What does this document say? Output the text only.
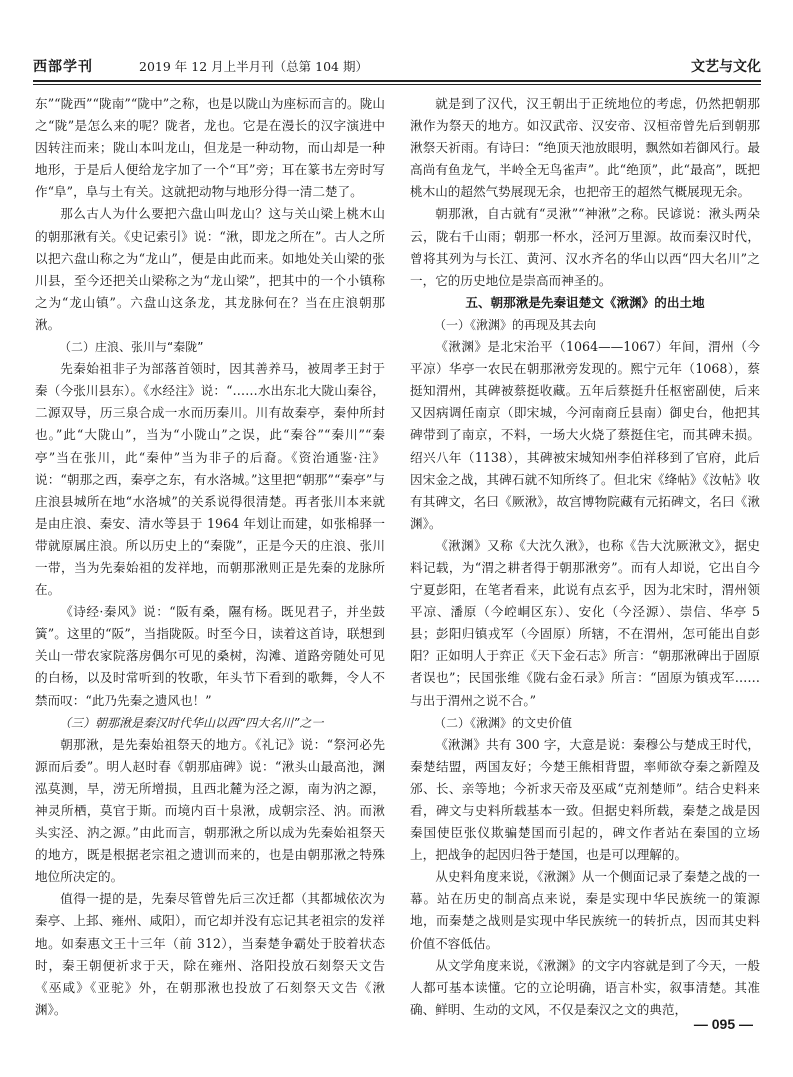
西部学刊	2019 年 12 月上半月刊（总第 104 期）	文艺与文化

东”“陇西”“陇南”“陇中”之称，也是以陇山为座标而言的。陇山之“陇”是怎么来的呢？陇者，龙也。它是在漫长的汉字演进中因转注而来；陇山本叫龙山，但龙是一种动物，而山却是一种地形，于是后人便给龙字加了一个“耳”旁；耳在篆书左旁时写作“阜”，阜与土有关。这就把动物与地形分得一清二楚了。

那么古人为什么要把六盘山叫龙山？这与关山梁上桃木山的朝那湫有关。《史记索引》说：“湫，即龙之所在”。古人之所以把六盘山称之为“龙山”，便是由此而来。如地处关山梁的张川县，至今还把关山梁称之为“龙山梁”，把其中的一个小镇称之为“龙山镇”。六盘山这条龙，其龙脉何在？当在庄浪朝那湫。

（二）庄浪、张川与“秦陇”

先秦始祖非子为部落首领时，因其善养马，被周孝王封于秦（今张川县东）。《水经注》说：“……水出东北大陇山秦谷，二源双导，历三泉合成一水而历秦川。川有故秦亭，秦仲所封也。”此“大陇山”，当为“小陇山”之误，此“秦谷”“秦川”“秦亭”当在张川，此“秦仲”当为非子的后裔。《资治通鉴·注》说：“朝那之西，秦亭之东，有水洛城。”这里把“朝那”“秦亭”与庄浪县城所在地“水洛城”的关系说得很清楚。再者张川本来就是由庄浪、秦安、清水等县于 1964 年划让而建，如张棉驿一带就原属庄浪。所以历史上的“秦陇”，正是今天的庄浪、张川一带，当为先秦始祖的发祥地，而朝那湫则正是先秦的龙脉所在。

《诗经·秦风》说：“阪有桑，隰有杨。既见君子，并坐鼓簧”。这里的“阪”，当指陇阪。时至今日，读着这首诗，联想到关山一带农家院落房偶尔可见的桑树，沟滩、道路旁随处可见的白杨，以及时常听到的牧歌，年头节下看到的歌舞，令人不禁而叹：“此乃先秦之遗风也！”

（三）朝那湫是秦汉时代华山以西“四大名川”之一

朝那湫，是先秦始祖祭天的地方。《礼记》说：“祭河必先源而后委”。明人赵时春《朝那庙碑》说：“湫头山最高池，渊泓莫测，旱，涝无所增损，且西北麓为泾之源，南为汭之源，神灵所栖，莫官于斯。而境内百十泉湫，成朝宗泾、汭。而湫头实泾、汭之源。”由此而言，朝那湫之所以成为先秦始祖祭天的地方，既是根据老宗祖之遗训而来的，也是由朝那湫之特殊地位所决定的。

值得一提的是，先秦尽管曾先后三次迁都（其都城依次为秦亭、上邽、雍州、咸阳），而它却并没有忘记其老祖宗的发祥地。如秦惠文王十三年（前 312），当秦楚争霸处于胶着状态时，秦王朝便祈求于天，除在雍州、洛阳投放石刻祭天文告《巫咸》《亚驼》外，在朝那湫也投放了石刻祭天文告《湫渊》。

就是到了汉代，汉王朝出于正统地位的考虑，仍然把朝那湫作为祭天的地方。如汉武帝、汉安帝、汉桓帝曾先后到朝那湫祭天祈雨。有诗曰：“绝顶天池放眼明，飘然如若御风行。最高尚有鱼龙气，半岭全无鸟雀声”。此“绝顶”，此“最高”，既把桃木山的超然气势展现无余，也把帝王的超然气概展现无余。

朝那湫，自古就有“灵湫”“神湫”之称。民谚说：湫头两朵云，陇右千山雨；朝那一杯水，泾河万里源。故而秦汉时代，曾将其列为与长江、黄河、汉水齐名的华山以西“四大名川”之一，它的历史地位是崇高而神圣的。

五、朝那湫是先秦诅楚文《湫渊》的出土地
（一）《湫渊》的再现及其去向

《湫渊》是北宋治平（1064——1067）年间，渭州（今平凉）华亭一农民在朝那湫旁发现的。熙宁元年（1068），蔡挺知渭州，其碑被蔡挺收藏。五年后蔡挺升任枢密副使，后来又因病调任南京（即宋城，今河南商丘县南）御史台，他把其碑带到了南京，不料，一场大火烧了蔡挺住宅，而其碑未损。绍兴八年（1138），其碑被宋城知州李伯祥移到了官府，此后因宋金之战，其碑石就不知所终了。但北宋《绛帖》《汝帖》收有其碑文，名曰《厥湫》，故宫博物院藏有元拓碑文，名曰《湫渊》。

《湫渊》又称《大沈久湫》，也称《告大沈厥湫文》，据史料记载，为“渭之耕者得于朝那湫旁”。而有人却说，它出自今宁夏彭阳，在笔者看来，此说有点玄乎，因为北宋时，渭州领平凉、潘原（今崆峒区东）、安化（今泾源）、崇信、华亭 5 县；彭阳归镇戎军（今固原）所辖，不在渭州，怎可能出自彭阳？正如明人于弈正《天下金石志》所言：“朝那湫碑出于固原者误也”；民国张维《陇右金石录》所言：“固原为镇戎军……与出于渭州之说不合。”

（二）《湫渊》的文史价值

《湫渊》共有 300 字，大意是说：秦穆公与楚成王时代，秦楚结盟，两国友好；今楚王熊相背盟，率师欲夺秦之新隍及邠、长、亲等地；今祈求天帝及巫咸“克剂楚师”。结合史料来看，碑文与史料所载基本一致。但据史料所载，秦楚之战是因秦国使臣张仪欺骗楚国而引起的，碑文作者站在秦国的立场上，把战争的起因归咎于楚国，也是可以理解的。

从史料角度来说，《湫渊》从一个侧面记录了秦楚之战的一幕。站在历史的制高点来说，秦是实现中华民族统一的策源地，而秦楚之战则是实现中华民族统一的转折点，因而其史料价值不容低估。

从文学角度来说，《湫渊》的文字内容就是到了今天，一般人都可基本读懂。它的立论明确，语言朴实，叙事清楚。其准确、鲜明、生动的文风，不仅是秦汉之文的典范，

— 095 —
